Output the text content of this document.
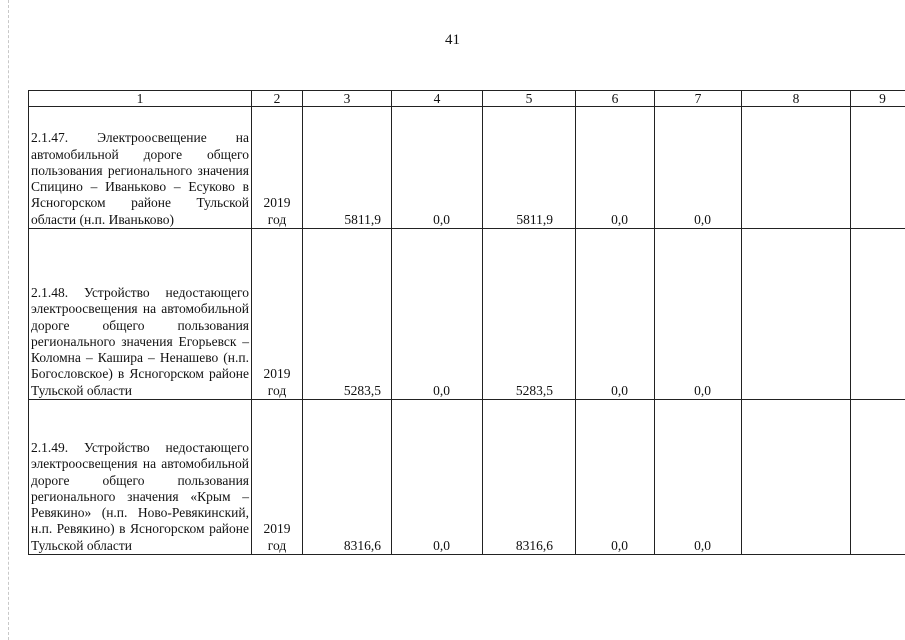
41
1	2	3	4	5	6	7	8	9
2.1.47. Электроосвещение на автомобильной дороге общего пользования регионального значения Спицино – Иваньково – Есуково в Ясногорском районе Тульской области (н.п. Иваньково)	2019 год	5811,9	0,0	5811,9	0,0	0,0		
2.1.48. Устройство недостающего электроосвещения на автомобильной дороге общего пользования регионального значения Егорьевск – Коломна – Кашира – Ненашево (н.п. Богословское) в Ясногорском районе Тульской области	2019 год	5283,5	0,0	5283,5	0,0	0,0		
2.1.49. Устройство недостающего электроосвещения на автомобильной дороге общего пользования регионального значения «Крым – Ревякино» (н.п. Ново-Ревякинский, н.п. Ревякино) в Ясногорском районе Тульской области	2019 год	8316,6	0,0	8316,6	0,0	0,0		
